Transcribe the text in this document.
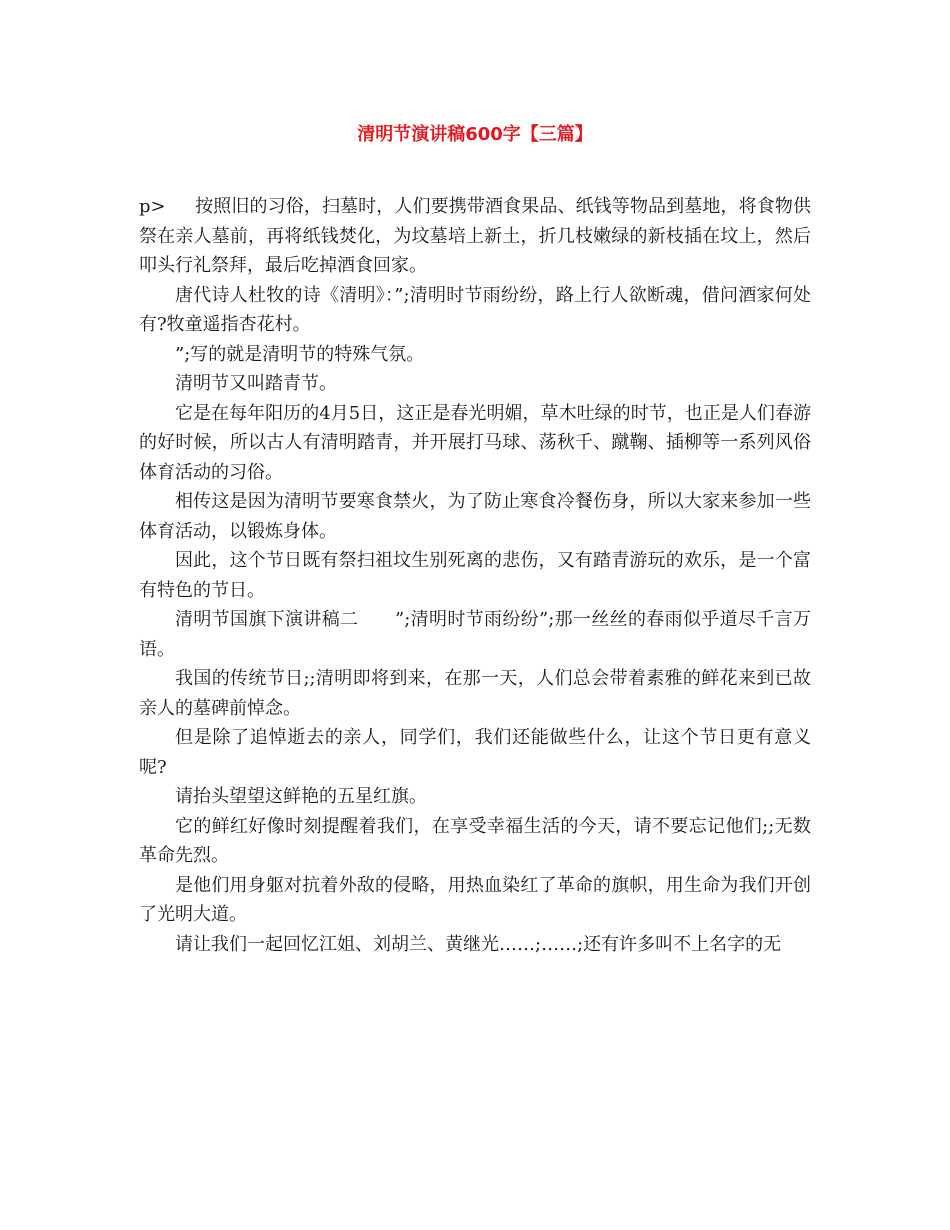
清明节演讲稿600字【三篇】

p> 按照旧的习俗，扫墓时，人们要携带酒食果品、纸钱等物品到墓地，将食物供祭在亲人墓前，再将纸钱焚化，为坟墓培上新土，折几枝嫩绿的新枝插在坟上，然后叩头行礼祭拜，最后吃掉酒食回家。

唐代诗人杜牧的诗《清明》：”;清明时节雨纷纷，路上行人欲断魂，借问酒家何处有?牧童遥指杏花村。

”;写的就是清明节的特殊气氛。

清明节又叫踏青节。

它是在每年阳历的4月5日，这正是春光明媚，草木吐绿的时节，也正是人们春游的好时候，所以古人有清明踏青，并开展打马球、荡秋千、蹴鞠、插柳等一系列风俗体育活动的习俗。

相传这是因为清明节要寒食禁火，为了防止寒食冷餐伤身，所以大家来参加一些体育活动，以锻炼身体。

因此，这个节日既有祭扫祖坟生别死离的悲伤，又有踏青游玩的欢乐，是一个富有特色的节日。

清明节国旗下演讲稿二　　”;清明时节雨纷纷”;那一丝丝的春雨似乎道尽千言万语。

我国的传统节日;;清明即将到来，在那一天，人们总会带着素雅的鲜花来到已故亲人的墓碑前悼念。

但是除了追悼逝去的亲人，同学们，我们还能做些什么，让这个节日更有意义呢?

请抬头望望这鲜艳的五星红旗。

它的鲜红好像时刻提醒着我们，在享受幸福生活的今天，请不要忘记他们;;无数革命先烈。

是他们用身躯对抗着外敌的侵略，用热血染红了革命的旗帜，用生命为我们开创了光明大道。

请让我们一起回忆江姐、刘胡兰、黄继光……;……;还有许多叫不上名字的无
